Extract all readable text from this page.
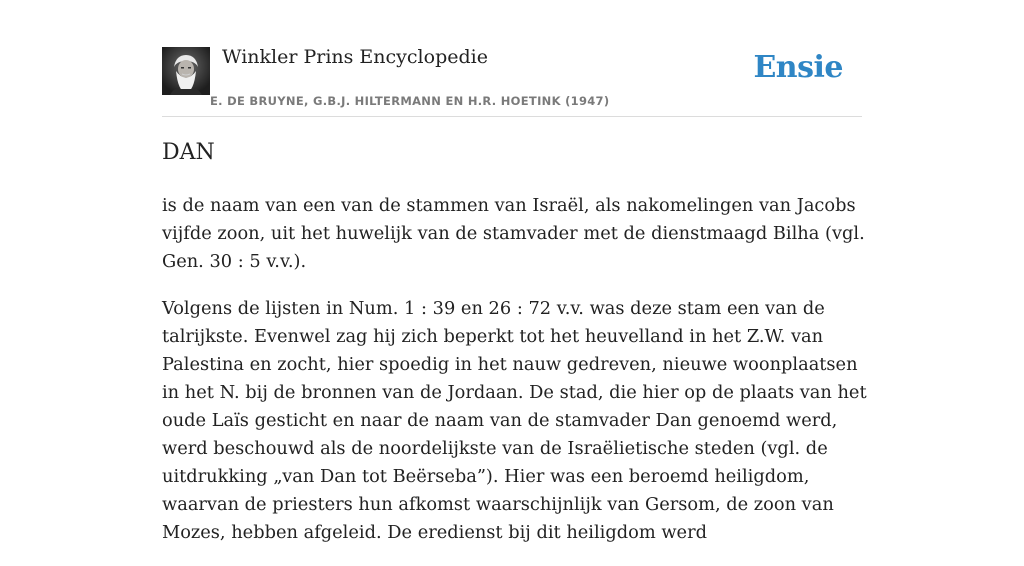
Winkler Prins Encyclopedie
E. DE BRUYNE, G.B.J. HILTERMANN EN H.R. HOETINK (1947)
Ensie
DAN

is de naam van een van de stammen van Israël, als nakomelingen van Jacobs vijfde zoon, uit het huwelijk van de stamvader met de dienstmaagd Bilha (vgl. Gen. 30 : 5 v.v.).

Volgens de lijsten in Num. 1 : 39 en 26 : 72 v.v. was deze stam een van de talrijkste. Evenwel zag hij zich beperkt tot het heuvelland in het Z.W. van Palestina en zocht, hier spoedig in het nauw gedreven, nieuwe woonplaatsen in het N. bij de bronnen van de Jordaan. De stad, die hier op de plaats van het oude Laïs gesticht en naar de naam van de stamvader Dan genoemd werd, werd beschouwd als de noordelijkste van de Israëlietische steden (vgl. de uitdrukking „van Dan tot Beërseba”). Hier was een beroemd heiligdom, waarvan de priesters hun afkomst waarschijnlijk van Gersom, de zoon van Mozes, hebben afgeleid. De eredienst bij dit heiligdom werd
